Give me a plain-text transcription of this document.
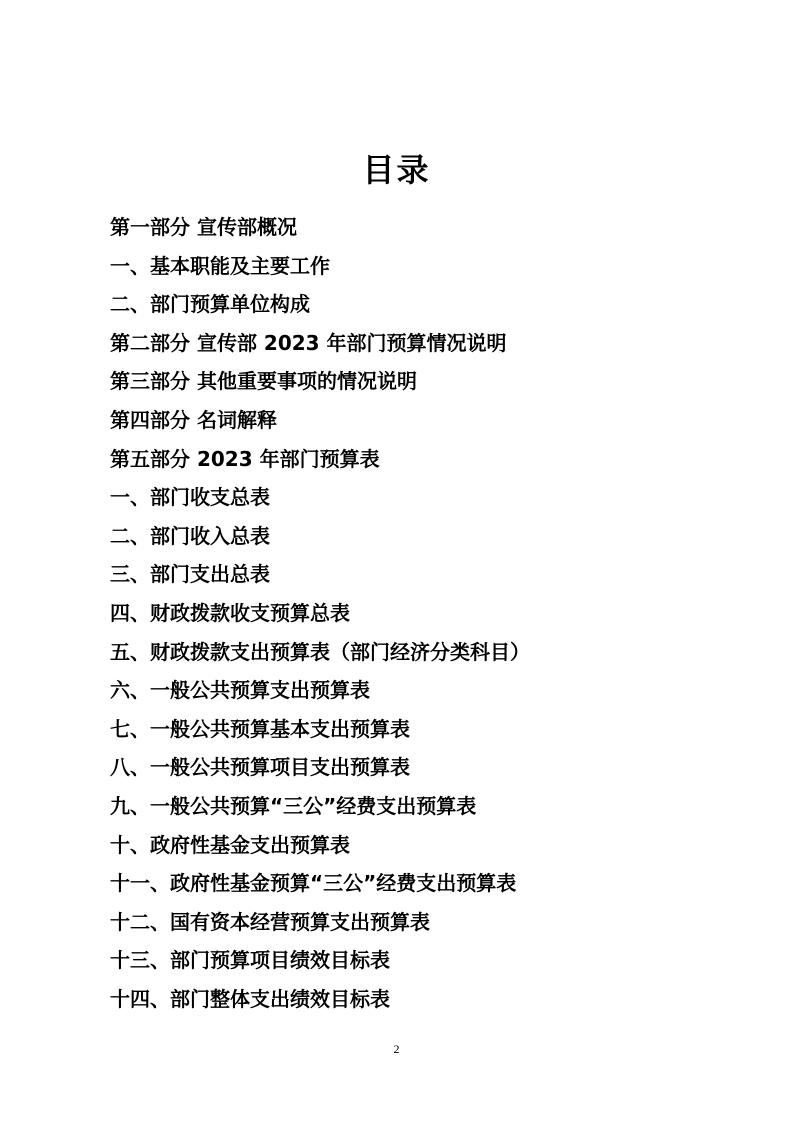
目录
第一部分 宣传部概况
一、基本职能及主要工作
二、部门预算单位构成
第二部分 宣传部 2023 年部门预算情况说明
第三部分 其他重要事项的情况说明
第四部分 名词解释
第五部分 2023 年部门预算表
一、部门收支总表
二、部门收入总表
三、部门支出总表
四、财政拨款收支预算总表
五、财政拨款支出预算表（部门经济分类科目）
六、一般公共预算支出预算表
七、一般公共预算基本支出预算表
八、一般公共预算项目支出预算表
九、一般公共预算“三公”经费支出预算表
十、政府性基金支出预算表
十一、政府性基金预算“三公”经费支出预算表
十二、国有资本经营预算支出预算表
十三、部门预算项目绩效目标表
十四、部门整体支出绩效目标表
2
